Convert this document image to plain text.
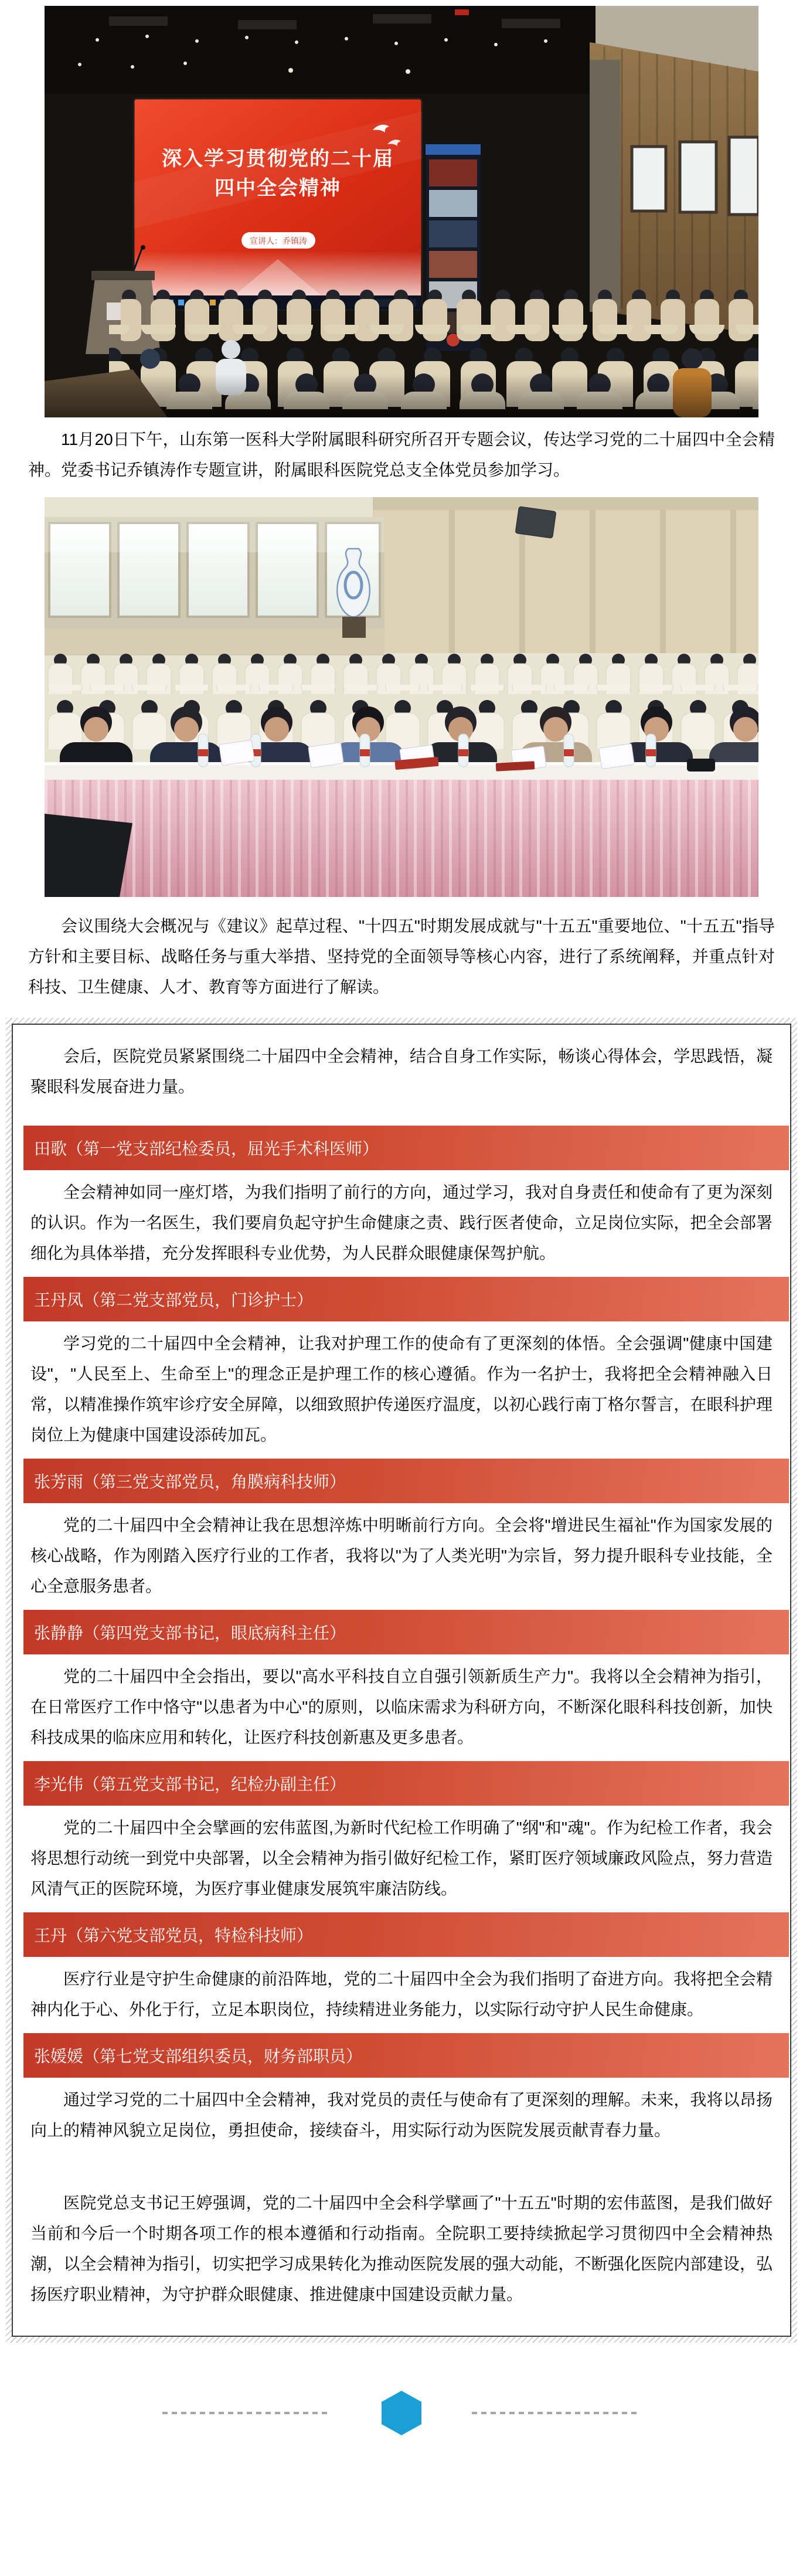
深入学习贯彻党的二十届
四中全会精神
宣讲人：乔镇涛

11月20日下午，山东第一医科大学附属眼科研究所召开专题会议，传达学习党的二十届四中全会精神。党委书记乔镇涛作专题宣讲，附属眼科医院党总支全体党员参加学习。

会议围绕大会概况与《建议》起草过程、"十四五"时期发展成就与"十五五"重要地位、"十五五"指导方针和主要目标、战略任务与重大举措、坚持党的全面领导等核心内容，进行了系统阐释，并重点针对科技、卫生健康、人才、教育等方面进行了解读。

会后，医院党员紧紧围绕二十届四中全会精神，结合自身工作实际，畅谈心得体会，学思践悟，凝聚眼科发展奋进力量。

田歌（第一党支部纪检委员，屈光手术科医师）

全会精神如同一座灯塔，为我们指明了前行的方向，通过学习，我对自身责任和使命有了更为深刻的认识。作为一名医生，我们要肩负起守护生命健康之责、践行医者使命，立足岗位实际，把全会部署细化为具体举措，充分发挥眼科专业优势，为人民群众眼健康保驾护航。

王丹凤（第二党支部党员，门诊护士）

学习党的二十届四中全会精神，让我对护理工作的使命有了更深刻的体悟。全会强调"健康中国建设"，"人民至上、生命至上"的理念正是护理工作的核心遵循。作为一名护士，我将把全会精神融入日常，以精准操作筑牢诊疗安全屏障，以细致照护传递医疗温度，以初心践行南丁格尔誓言，在眼科护理岗位上为健康中国建设添砖加瓦。

张芳雨（第三党支部党员，角膜病科技师）

党的二十届四中全会精神让我在思想淬炼中明晰前行方向。全会将"增进民生福祉"作为国家发展的核心战略，作为刚踏入医疗行业的工作者，我将以"为了人类光明"为宗旨，努力提升眼科专业技能，全心全意服务患者。

张静静（第四党支部书记，眼底病科主任）

党的二十届四中全会指出，要以"高水平科技自立自强引领新质生产力"。我将以全会精神为指引，在日常医疗工作中恪守"以患者为中心"的原则，以临床需求为科研方向，不断深化眼科科技创新，加快科技成果的临床应用和转化，让医疗科技创新惠及更多患者。

李光伟（第五党支部书记，纪检办副主任）

党的二十届四中全会擘画的宏伟蓝图,为新时代纪检工作明确了"纲"和"魂"。作为纪检工作者，我会将思想行动统一到党中央部署，以全会精神为指引做好纪检工作，紧盯医疗领域廉政风险点，努力营造风清气正的医院环境，为医疗事业健康发展筑牢廉洁防线。

王丹（第六党支部党员，特检科技师）

医疗行业是守护生命健康的前沿阵地，党的二十届四中全会为我们指明了奋进方向。我将把全会精神内化于心、外化于行，立足本职岗位，持续精进业务能力，以实际行动守护人民生命健康。

张媛媛（第七党支部组织委员，财务部职员）

通过学习党的二十届四中全会精神，我对党员的责任与使命有了更深刻的理解。未来，我将以昂扬向上的精神风貌立足岗位，勇担使命，接续奋斗，用实际行动为医院发展贡献青春力量。

医院党总支书记王婷强调，党的二十届四中全会科学擘画了"十五五"时期的宏伟蓝图，是我们做好当前和今后一个时期各项工作的根本遵循和行动指南。全院职工要持续掀起学习贯彻四中全会精神热潮，以全会精神为指引，切实把学习成果转化为推动医院发展的强大动能，不断强化医院内部建设，弘扬医疗职业精神，为守护群众眼健康、推进健康中国建设贡献力量。
